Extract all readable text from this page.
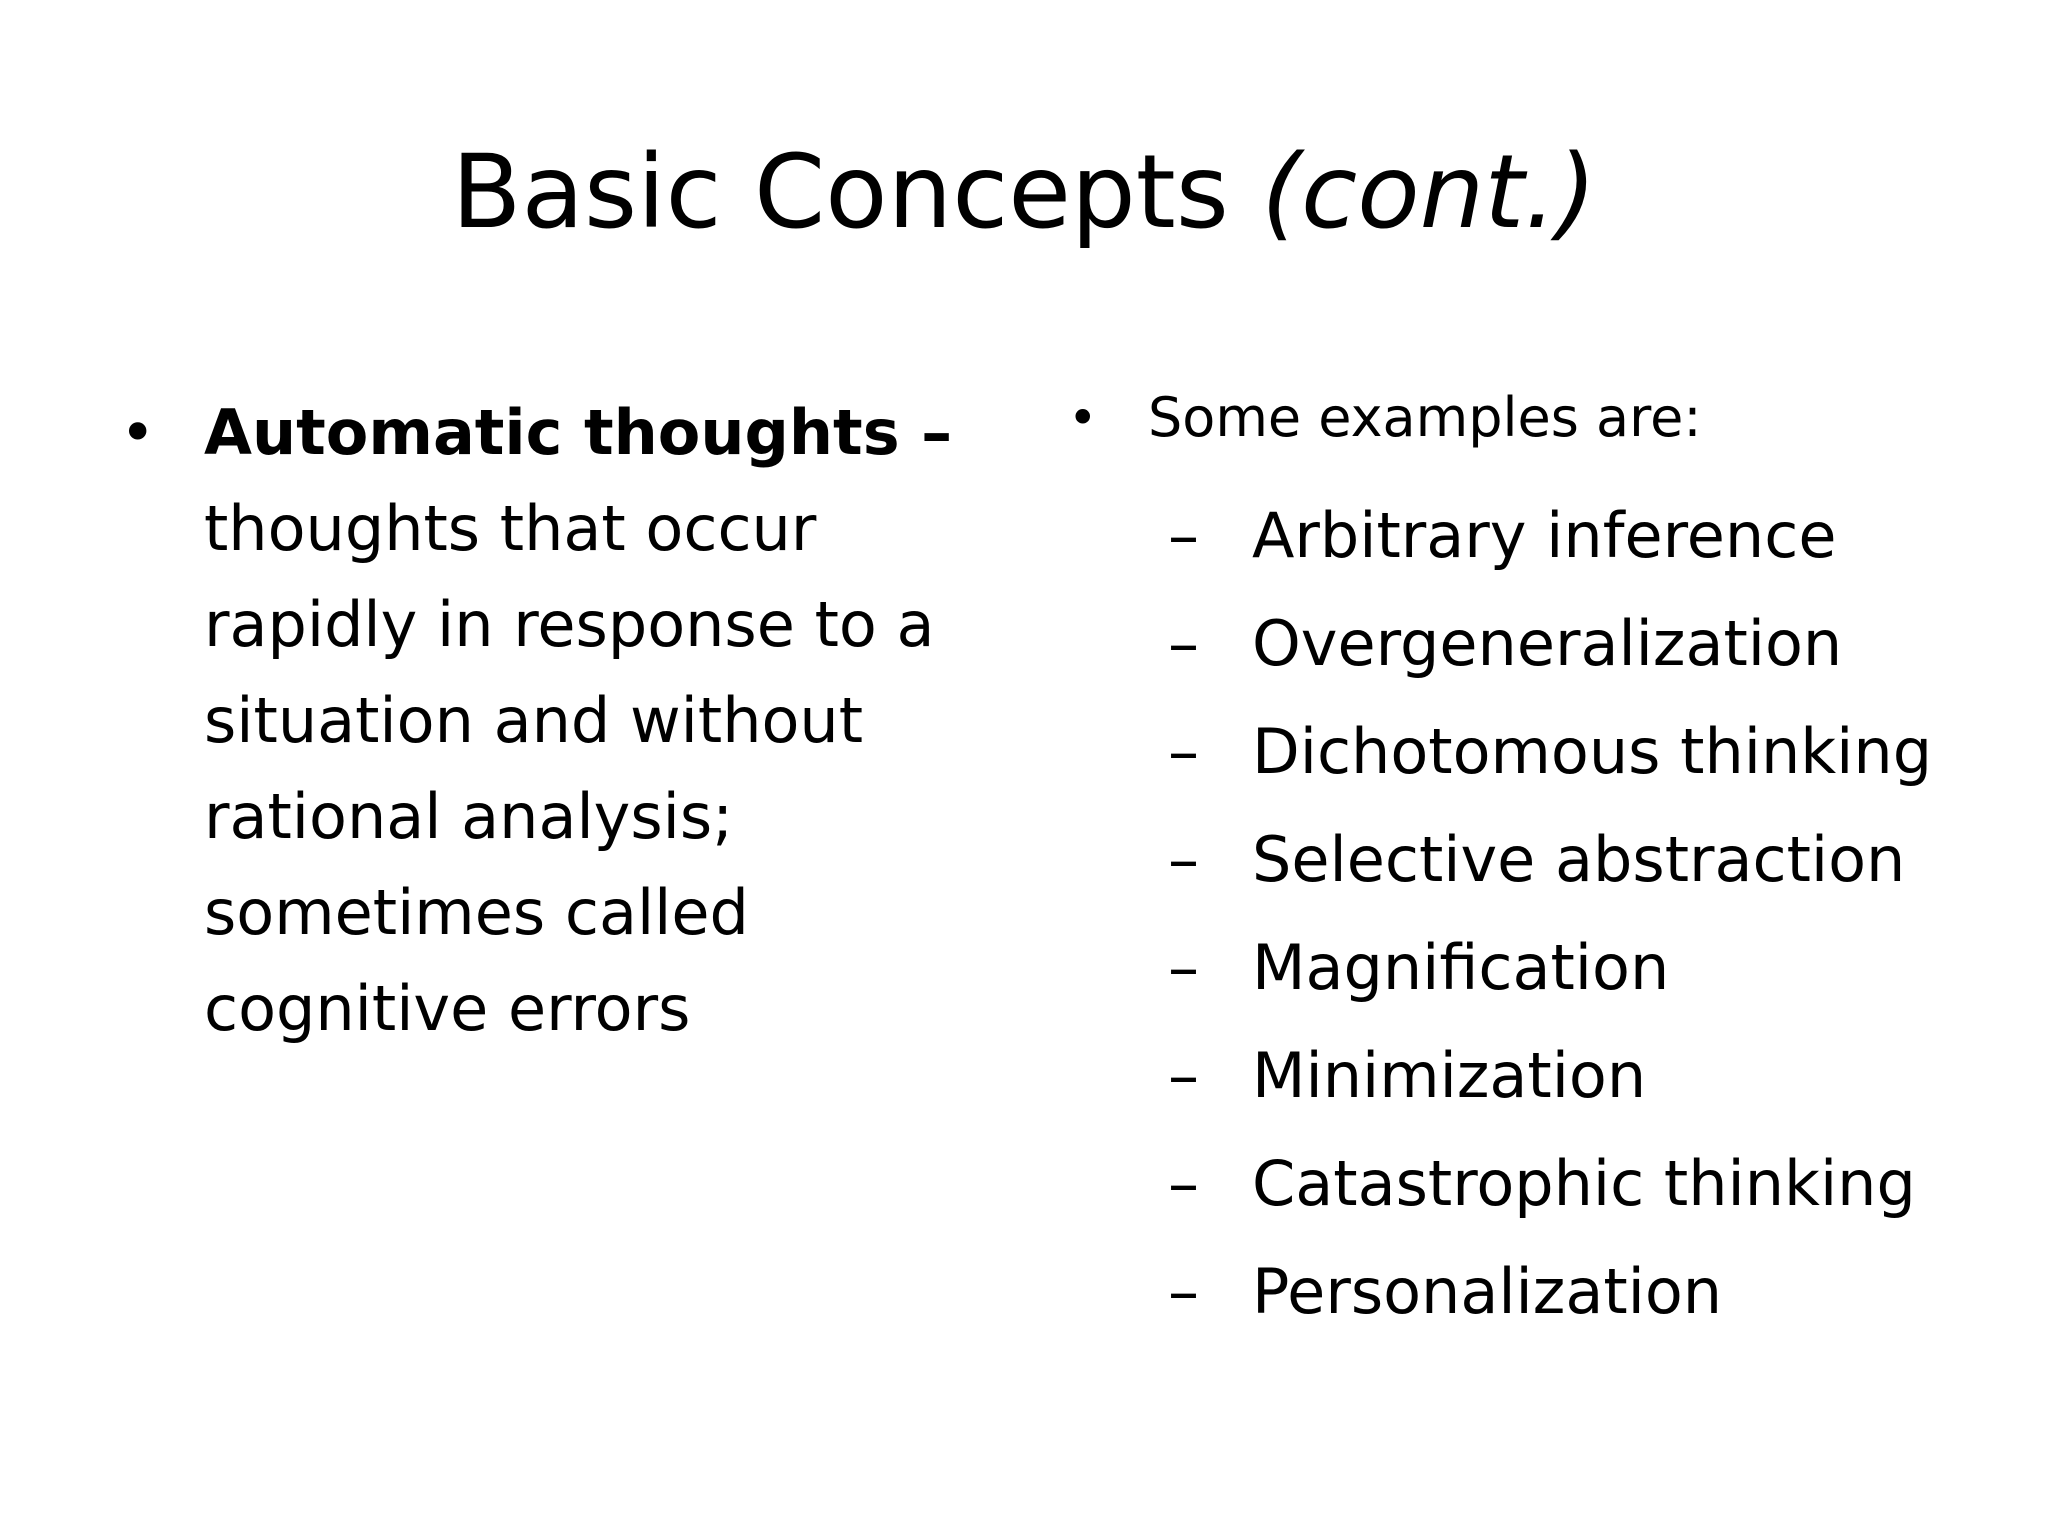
Basic Concepts (cont.)
• Automatic thoughts – thoughts that occur rapidly in response to a situation and without rational analysis; sometimes called cognitive errors
• Some examples are:
– Arbitrary inference
– Overgeneralization
– Dichotomous thinking
– Selective abstraction
– Magnification
– Minimization
– Catastrophic thinking
– Personalization
